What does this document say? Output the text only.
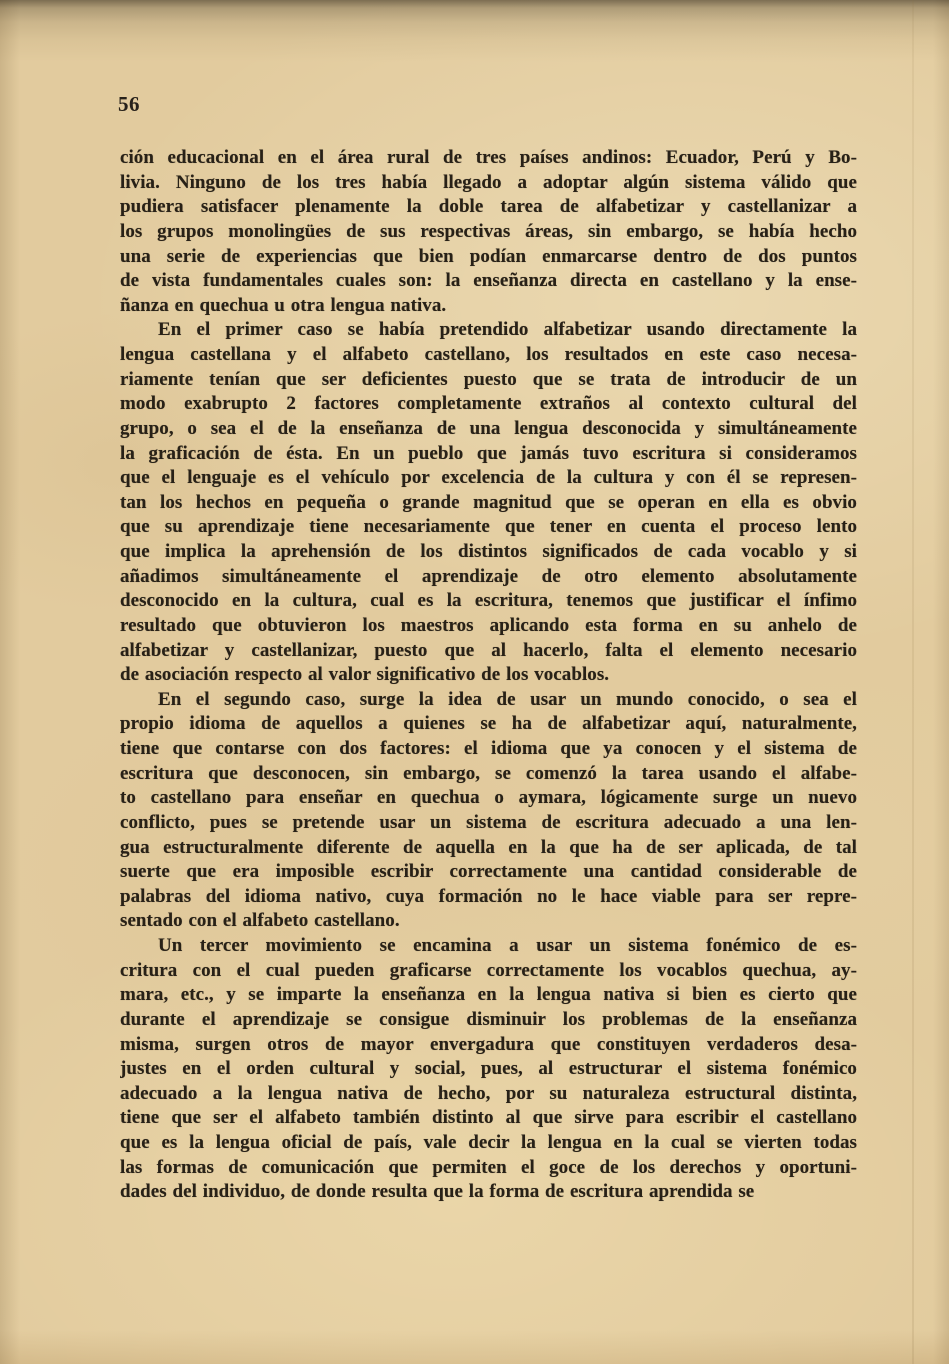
56

ción educacional en el área rural de tres países andinos: Ecuador, Perú y Bo-
livia. Ninguno de los tres había llegado a adoptar algún sistema válido que
pudiera satisfacer plenamente la doble tarea de alfabetizar y castellanizar a
los grupos monolingües de sus respectivas áreas, sin embargo, se había hecho
una serie de experiencias que bien podían enmarcarse dentro de dos puntos
de vista fundamentales cuales son: la enseñanza directa en castellano y la ense-
ñanza en quechua u otra lengua nativa.

En el primer caso se había pretendido alfabetizar usando directamente la
lengua castellana y el alfabeto castellano, los resultados en este caso necesa-
riamente tenían que ser deficientes puesto que se trata de introducir de un
modo exabrupto 2 factores completamente extraños al contexto cultural del
grupo, o sea el de la enseñanza de una lengua desconocida y simultáneamente
la graficación de ésta. En un pueblo que jamás tuvo escritura si consideramos
que el lenguaje es el vehículo por excelencia de la cultura y con él se represen-
tan los hechos en pequeña o grande magnitud que se operan en ella es obvio
que su aprendizaje tiene necesariamente que tener en cuenta el proceso lento
que implica la aprehensión de los distintos significados de cada vocablo y si
añadimos simultáneamente el aprendizaje de otro elemento absolutamente
desconocido en la cultura, cual es la escritura, tenemos que justificar el ínfimo
resultado que obtuvieron los maestros aplicando esta forma en su anhelo de
alfabetizar y castellanizar, puesto que al hacerlo, falta el elemento necesario
de asociación respecto al valor significativo de los vocablos.

En el segundo caso, surge la idea de usar un mundo conocido, o sea el
propio idioma de aquellos a quienes se ha de alfabetizar aquí, naturalmente,
tiene que contarse con dos factores: el idioma que ya conocen y el sistema de
escritura que desconocen, sin embargo, se comenzó la tarea usando el alfabe-
to castellano para enseñar en quechua o aymara, lógicamente surge un nuevo
conflicto, pues se pretende usar un sistema de escritura adecuado a una len-
gua estructuralmente diferente de aquella en la que ha de ser aplicada, de tal
suerte que era imposible escribir correctamente una cantidad considerable de
palabras del idioma nativo, cuya formación no le hace viable para ser repre-
sentado con el alfabeto castellano.

Un tercer movimiento se encamina a usar un sistema fonémico de es-
critura con el cual pueden graficarse correctamente los vocablos quechua, ay-
mara, etc., y se imparte la enseñanza en la lengua nativa si bien es cierto que
durante el aprendizaje se consigue disminuir los problemas de la enseñanza
misma, surgen otros de mayor envergadura que constituyen verdaderos desa-
justes en el orden cultural y social, pues, al estructurar el sistema fonémico
adecuado a la lengua nativa de hecho, por su naturaleza estructural distinta,
tiene que ser el alfabeto también distinto al que sirve para escribir el castellano
que es la lengua oficial de país, vale decir la lengua en la cual se vierten todas
las formas de comunicación que permiten el goce de los derechos y oportuni-
dades del individuo, de donde resulta que la forma de escritura aprendida se
